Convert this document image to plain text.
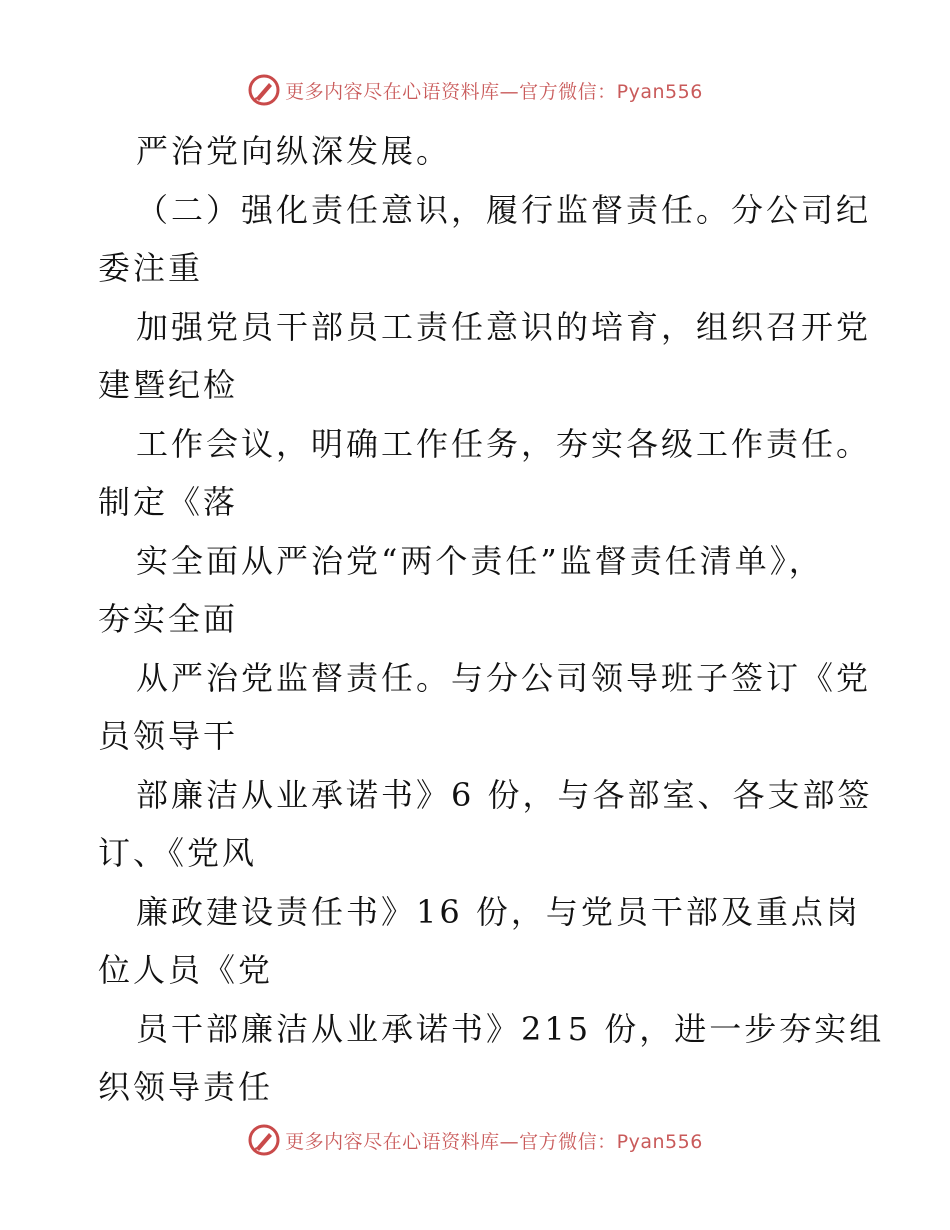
更多内容尽在心语资料库—官方微信：Pyan556
严治党向纵深发展。
（二）强化责任意识，履行监督责任。分公司纪
委注重
加强党员干部员工责任意识的培育，组织召开党
建暨纪检
工作会议，明确工作任务，夯实各级工作责任。
制定《落
实全面从严治党“两个责任”监督责任清单》，
夯实全面
从严治党监督责任。与分公司领导班子签订《党
员领导干
部廉洁从业承诺书》6 份，与各部室、各支部签
订、《党风
廉政建设责任书》16 份，与党员干部及重点岗
位人员《党
员干部廉洁从业承诺书》215 份，进一步夯实组
织领导责任
更多内容尽在心语资料库—官方微信：Pyan556
